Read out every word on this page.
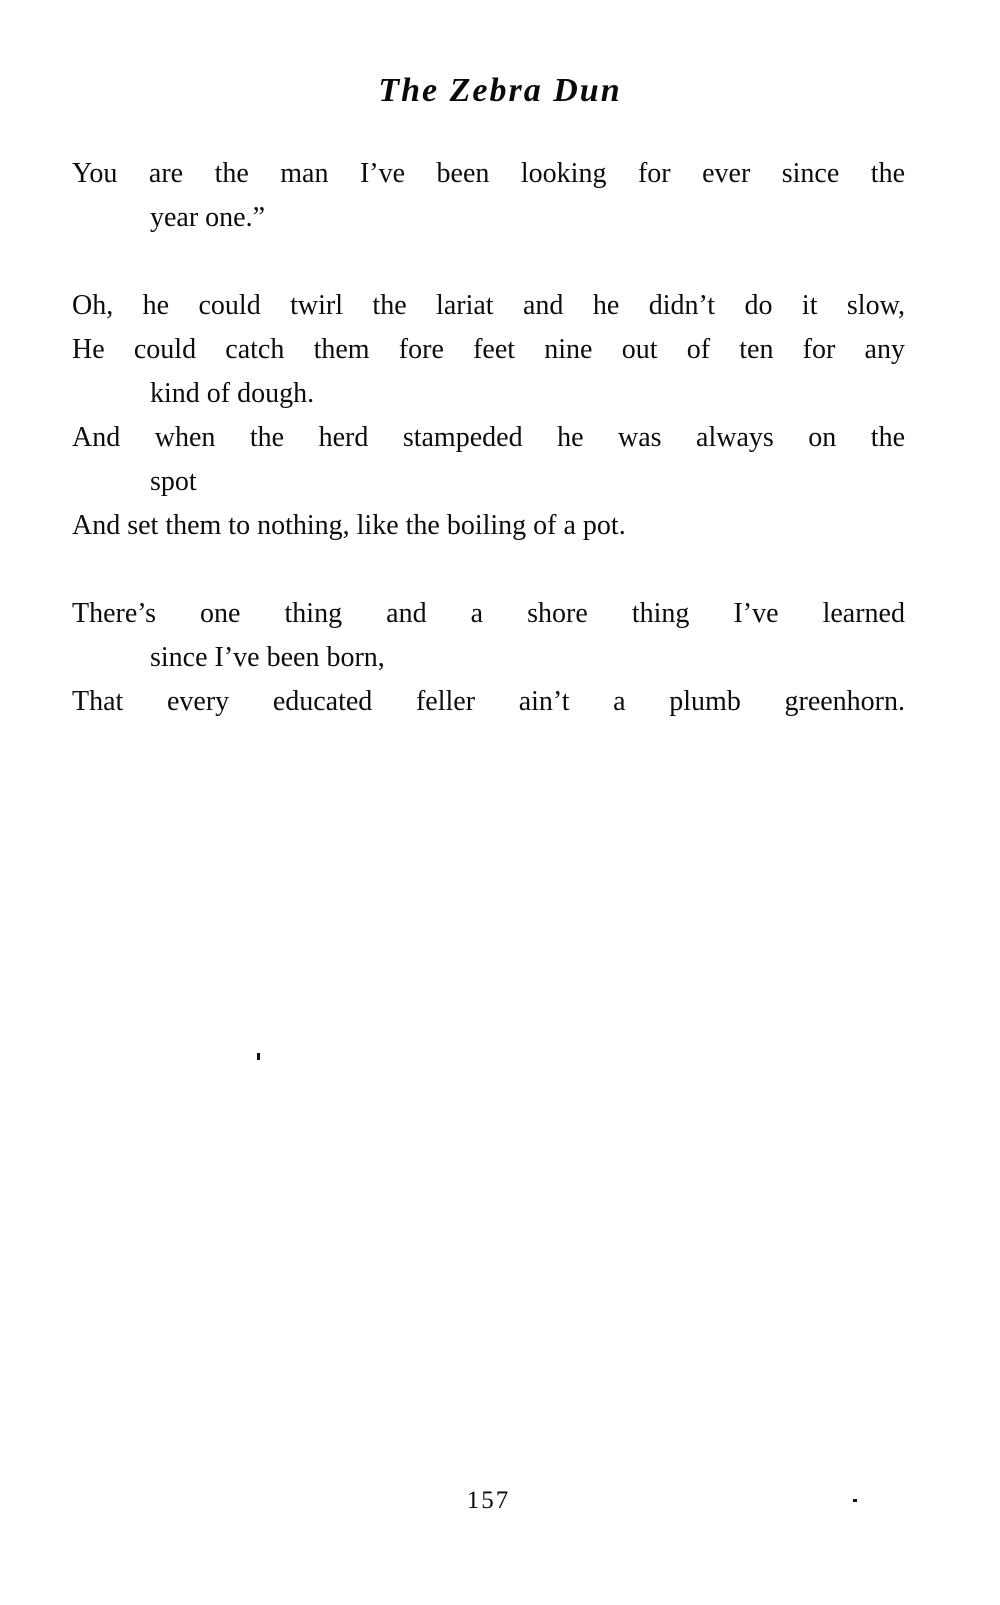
The Zebra Dun
You are the man I’ve been looking for ever since the
year one.”
Oh, he could twirl the lariat and he didn’t do it slow,
He could catch them fore feet nine out of ten for any
kind of dough.
And when the herd stampeded he was always on the
spot
And set them to nothing, like the boiling of a pot.
There’s one thing and a shore thing I’ve learned
since I’ve been born,
That every educated feller ain’t a plumb greenhorn.
157
